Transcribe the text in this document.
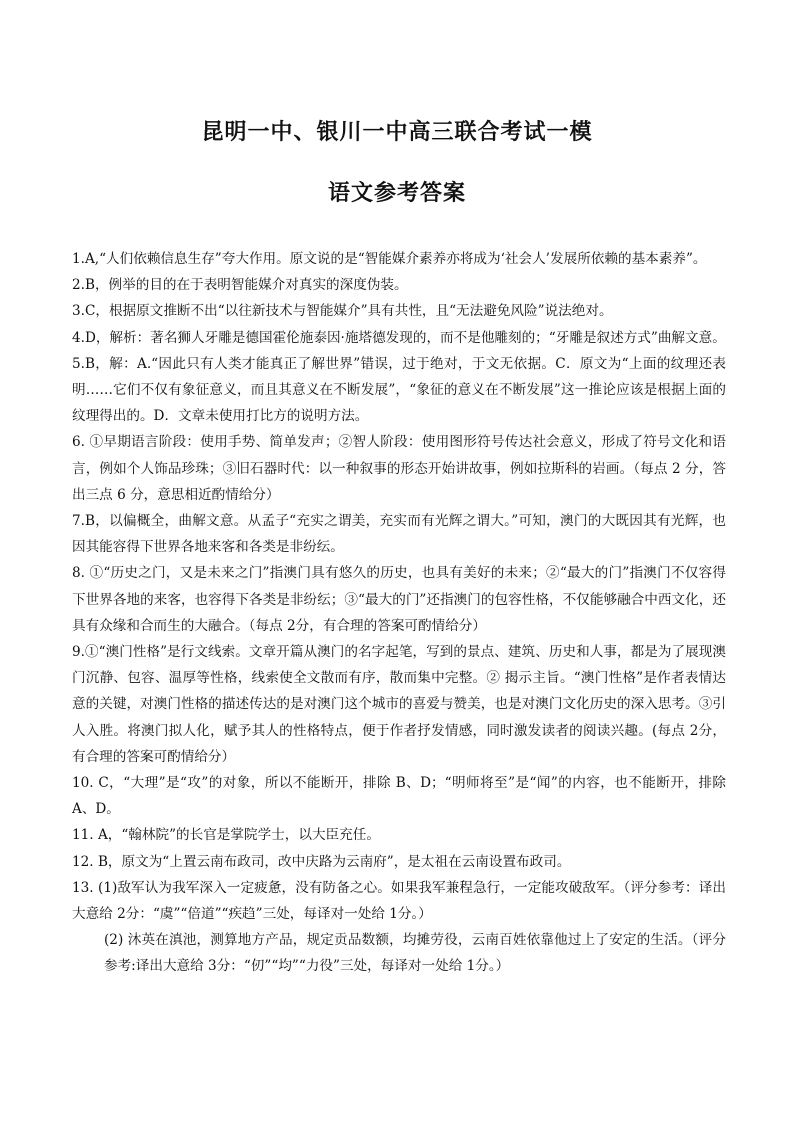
昆明一中、银川一中高三联合考试一模
语文参考答案

1.A,“人们依赖信息生存”夸大作用。原文说的是“智能媒介素养亦将成为‘社会人’发展所依赖的基本素养”。

2.B，例举的目的在于表明智能媒介对真实的深度伪装。

3.C，根据原文推断不出“以往新技术与智能媒介”具有共性，且“无法避免风险”说法绝对。

4.D，解析：著名狮人牙雕是德国霍伦施泰因·施塔德发现的，而不是他雕刻的；“牙雕是叙述方式”曲解文意。

5.B，解：A.“因此只有人类才能真正了解世界”错误，过于绝对，于文无依据。C．原文为“上面的纹理还表明……它们不仅有象征意义，而且其意义在不断发展”，“象征的意义在不断发展”这一推论应该是根据上面的纹理得出的。D．文章未使用打比方的说明方法。

6. ①早期语言阶段：使用手势、简单发声；②智人阶段：使用图形符号传达社会意义，形成了符号文化和语言，例如个人饰品珍珠；③旧石器时代：以一种叙事的形态开始讲故事，例如拉斯科的岩画。（每点 2 分，答出三点 6 分，意思相近酌情给分）

7.B，以偏概全，曲解文意。从孟子“充实之谓美，充实而有光辉之谓大。”可知，澳门的大既因其有光辉，也因其能容得下世界各地来客和各类是非纷纭。

8. ①“历史之门，又是未来之门”指澳门具有悠久的历史，也具有美好的未来；②“最大的门”指澳门不仅容得下世界各地的来客，也容得下各类是非纷纭；③“最大的门”还指澳门的包容性格，不仅能够融合中西文化，还具有众缘和合而生的大融合。（每点 2分，有合理的答案可酌情给分）

9.①“澳门性格”是行文线索。文章开篇从澳门的名字起笔，写到的景点、建筑、历史和人事，都是为了展现澳门沉静、包容、温厚等性格，线索使全文散而有序，散而集中完整。② 揭示主旨。“澳门性格”是作者表情达意的关键，对澳门性格的描述传达的是对澳门这个城市的喜爱与赞美，也是对澳门文化历史的深入思考。③引人入胜。将澳门拟人化，赋予其人的性格特点，便于作者抒发情感，同时激发读者的阅读兴趣。(每点 2分，有合理的答案可酌情给分）

10. C，“大理”是“攻”的对象，所以不能断开，排除 B、D；“明师将至”是“闻”的内容，也不能断开，排除 A、D。

11. A，“翰林院”的长官是掌院学士，以大臣充任。

12. B，原文为“上置云南布政司，改中庆路为云南府”，是太祖在云南设置布政司。

13. (1)敌军认为我军深入一定疲惫，没有防备之心。如果我军兼程急行，一定能攻破敌军。（评分参考：译出大意给 2分：“虞”“倍道”“疾趋”三处，每译对一处给 1分。）

(2) 沐英在滇池，测算地方产品，规定贡品数额，均摊劳役，云南百姓依靠他过上了安定的生活。（评分参考:译出大意给 3分：“仞”“均”“力役”三处，每译对一处给 1分。）
